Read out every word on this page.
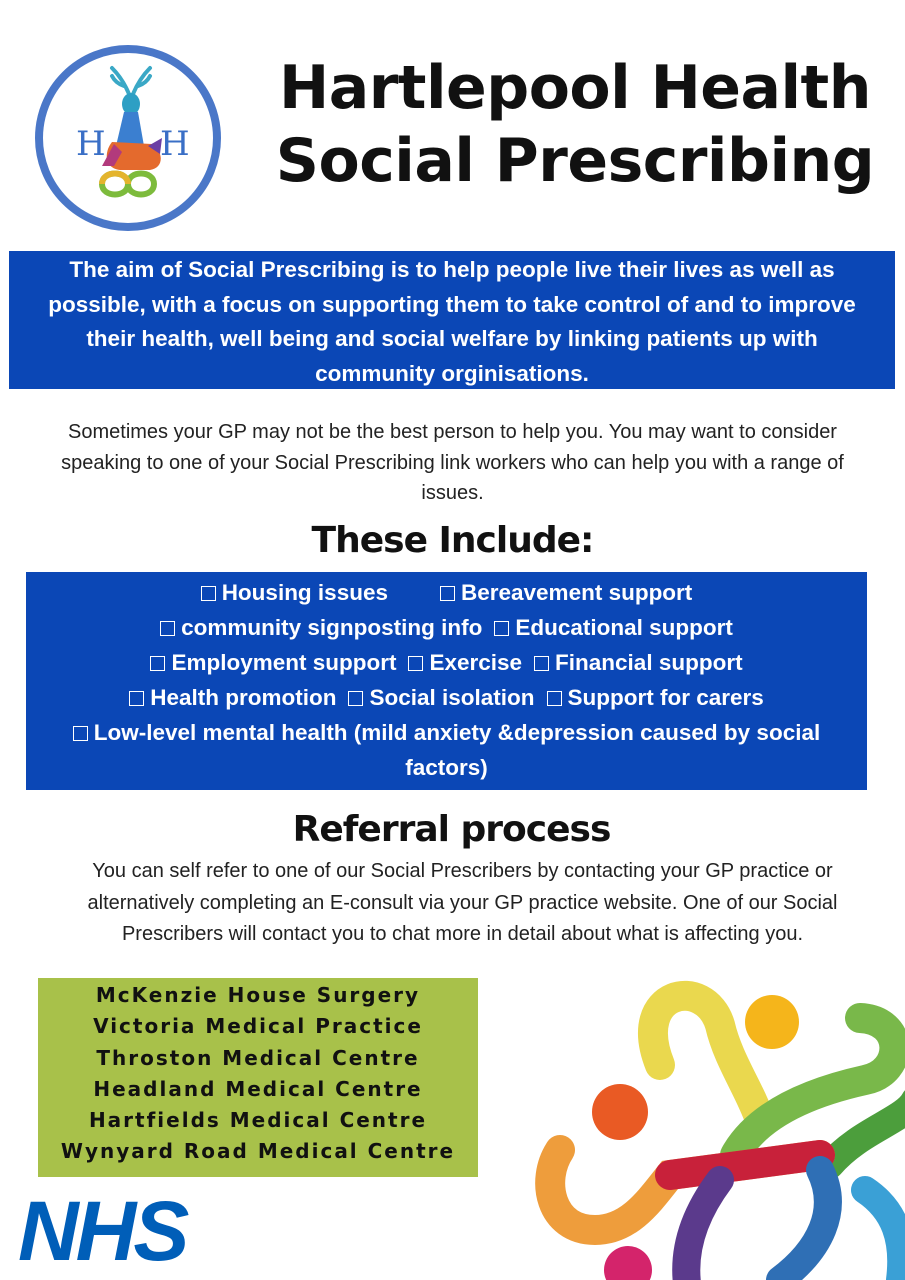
H H
Hartlepool Health
Social Prescribing
The aim of Social Prescribing is to help people live their lives as well as
possible, with a focus on supporting them to take control of and to improve
their health, well being and social welfare by linking patients up with
community orginisations.
Sometimes your GP may not be the best person to help you. You may want to consider
speaking to one of your Social Prescribing link workers who can help you with a range of
issues.
These Include:
Housing issues	Bereavement support
community signposting info Educational support
Employment support Exercise Financial support
Health promotion Social isolation Support for carers
Low-level mental health (mild anxiety &depression caused by social
factors)
Referral process
You can self refer to one of our Social Prescribers by contacting your GP practice or
alternatively completing an E-consult via your GP practice website. One of our Social
Prescribers will contact you to chat more in detail about what is affecting you.
McKenzie House Surgery
Victoria Medical Practice
Throston Medical Centre
Headland Medical Centre
Hartfields Medical Centre
Wynyard Road Medical Centre
NHS
